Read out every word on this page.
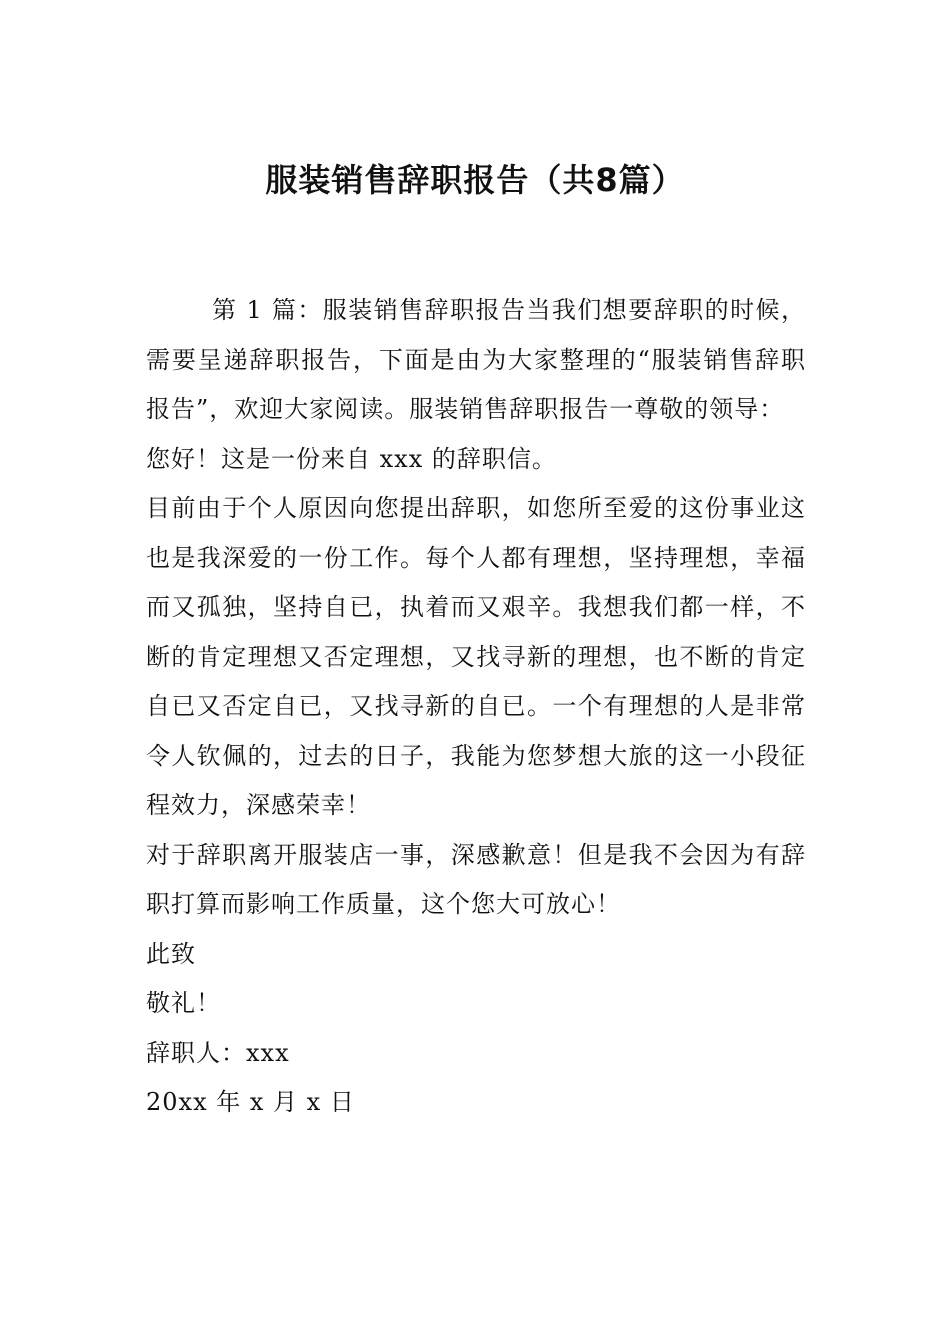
服装销售辞职报告（共8篇）

第 1 篇：服装销售辞职报告当我们想要辞职的时候，需要呈递辞职报告，下面是由为大家整理的“服装销售辞职报告”，欢迎大家阅读。服装销售辞职报告一尊敬的领导：

您好！这是一份来自 xxx 的辞职信。

目前由于个人原因向您提出辞职，如您所至爱的这份事业这也是我深爱的一份工作。每个人都有理想，坚持理想，幸福而又孤独，坚持自已，执着而又艰辛。我想我们都一样，不断的肯定理想又否定理想，又找寻新的理想，也不断的肯定自已又否定自已，又找寻新的自已。一个有理想的人是非常令人钦佩的，过去的日子，我能为您梦想大旅的这一小段征程效力，深感荣幸！

对于辞职离开服装店一事，深感歉意！但是我不会因为有辞职打算而影响工作质量，这个您大可放心！

此致

敬礼！

辞职人：xxx

20xx 年 x 月 x 日
